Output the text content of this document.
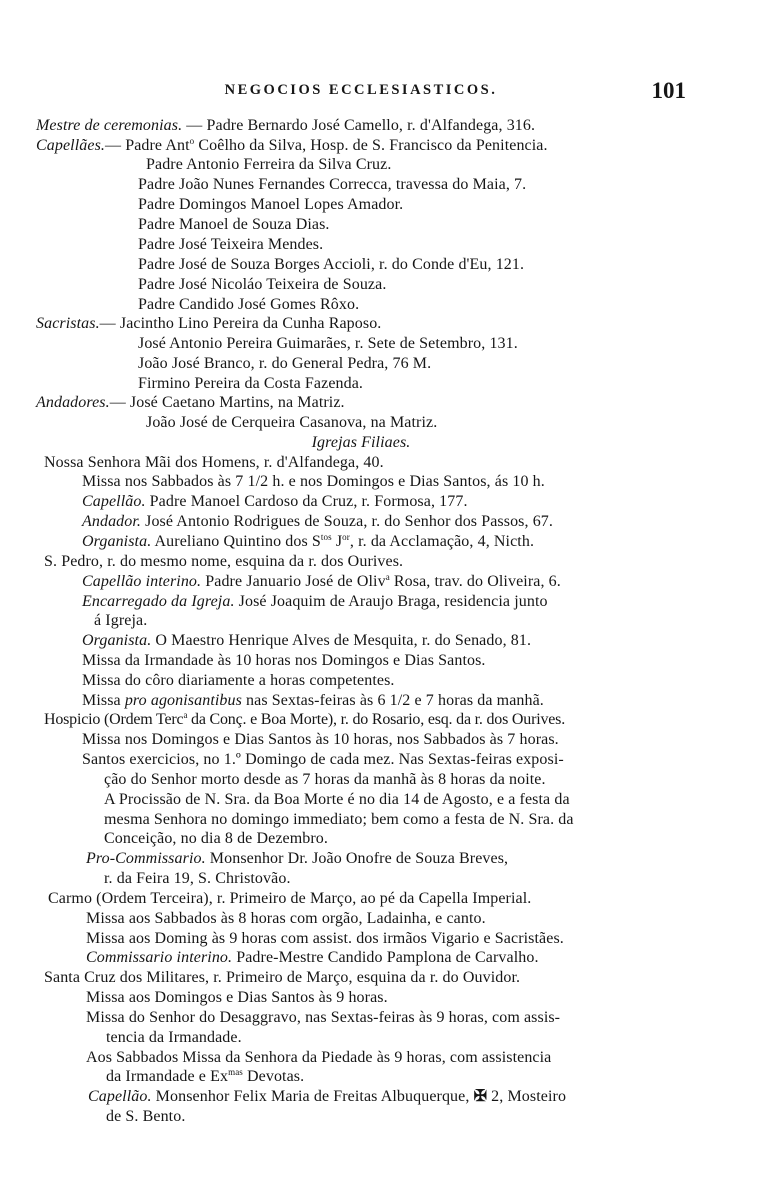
NEGOCIOS ECCLESIASTICOS.	101
Mestre de ceremonias. — Padre Bernardo José Camello, r. d'Alfandega, 316.
Capellães.— Padre Ant$^o$ Coêlho da Silva, Hosp. de S. Francisco da Penitencia.
Padre Antonio Ferreira da Silva Cruz.
Padre João Nunes Fernandes Correcca, travessa do Maia, 7.
Padre Domingos Manoel Lopes Amador.
Padre Manoel de Souza Dias.
Padre José Teixeira Mendes.
Padre José de Souza Borges Accioli, r. do Conde d'Eu, 121.
Padre José Nicoláo Teixeira de Souza.
Padre Candido José Gomes Rôxo.
Sacristas.— Jacintho Lino Pereira da Cunha Raposo.
José Antonio Pereira Guimarães, r. Sete de Setembro, 131.
João José Branco, r. do General Pedra, 76 M.
Firmino Pereira da Costa Fazenda.
Andadores.— José Caetano Martins, na Matriz.
João José de Cerqueira Casanova, na Matriz.
Igrejas Filiaes.
Nossa Senhora Mãi dos Homens, r. d'Alfandega, 40.
Missa nos Sabbados às 7 1/2 h. e nos Domingos e Dias Santos, ás 10 h.
Capellão. Padre Manoel Cardoso da Cruz, r. Formosa, 177.
Andador. José Antonio Rodrigues de Souza, r. do Senhor dos Passos, 67.
Organista. Aureliano Quintino dos $S^{tos}$ $J^{or}$, r. da Acclamação, 4, Nicth.
S. Pedro, r. do mesmo nome, esquina da r. dos Ourives.
Capellão interino. Padre Januario José de Oliv$^a$ Rosa, trav. do Oliveira, 6.
Encarregado da Igreja. José Joaquim de Araujo Braga, residencia junto
á Igreja.
Organista. O Maestro Henrique Alves de Mesquita, r. do Senado, 81.
Missa da Irmandade às 10 horas nos Domingos e Dias Santos.
Missa do côro diariamente a horas competentes.
Missa pro agonisantibus nas Sextas-feiras às 6 1/2 e 7 horas da manhã.
Hospicio (Ordem Terc$^a$ da Conç. e Boa Morte), r. do Rosario, esq. da r. dos Ourives.
Missa nos Domingos e Dias Santos às 10 horas, nos Sabbados às 7 horas.
Santos exercicios, no 1.º Domingo de cada mez. Nas Sextas-feiras exposi-
ção do Senhor morto desde as 7 horas da manhã às 8 horas da noite.
A Procissão de N. Sra. da Boa Morte é no dia 14 de Agosto, e a festa da
mesma Senhora no domingo immediato; bem como a festa de N. Sra. da
Conceição, no dia 8 de Dezembro.
Pro-Commissario. Monsenhor Dr. João Onofre de Souza Breves,
r. da Feira 19, S. Christovão.
Carmo (Ordem Terceira), r. Primeiro de Março, ao pé da Capella Imperial.
Missa aos Sabbados às 8 horas com orgão, Ladainha, e canto.
Missa aos Doming às 9 horas com assist. dos irmãos Vigario e Sacristães.
Commissario interino. Padre-Mestre Candido Pamplona de Carvalho.
Santa Cruz dos Militares, r. Primeiro de Março, esquina da r. do Ouvidor.
Missa aos Domingos e Dias Santos às 9 horas.
Missa do Senhor do Desaggravo, nas Sextas-feiras às 9 horas, com assis-
tencia da Irmandade.
Aos Sabbados Missa da Senhora da Piedade às 9 horas, com assistencia
da Irmandade e $Ex^{mas}$ Devotas.
Capellão. Monsenhor Felix Maria de Freitas Albuquerque, ✠ 2, Mosteiro
de S. Bento.
